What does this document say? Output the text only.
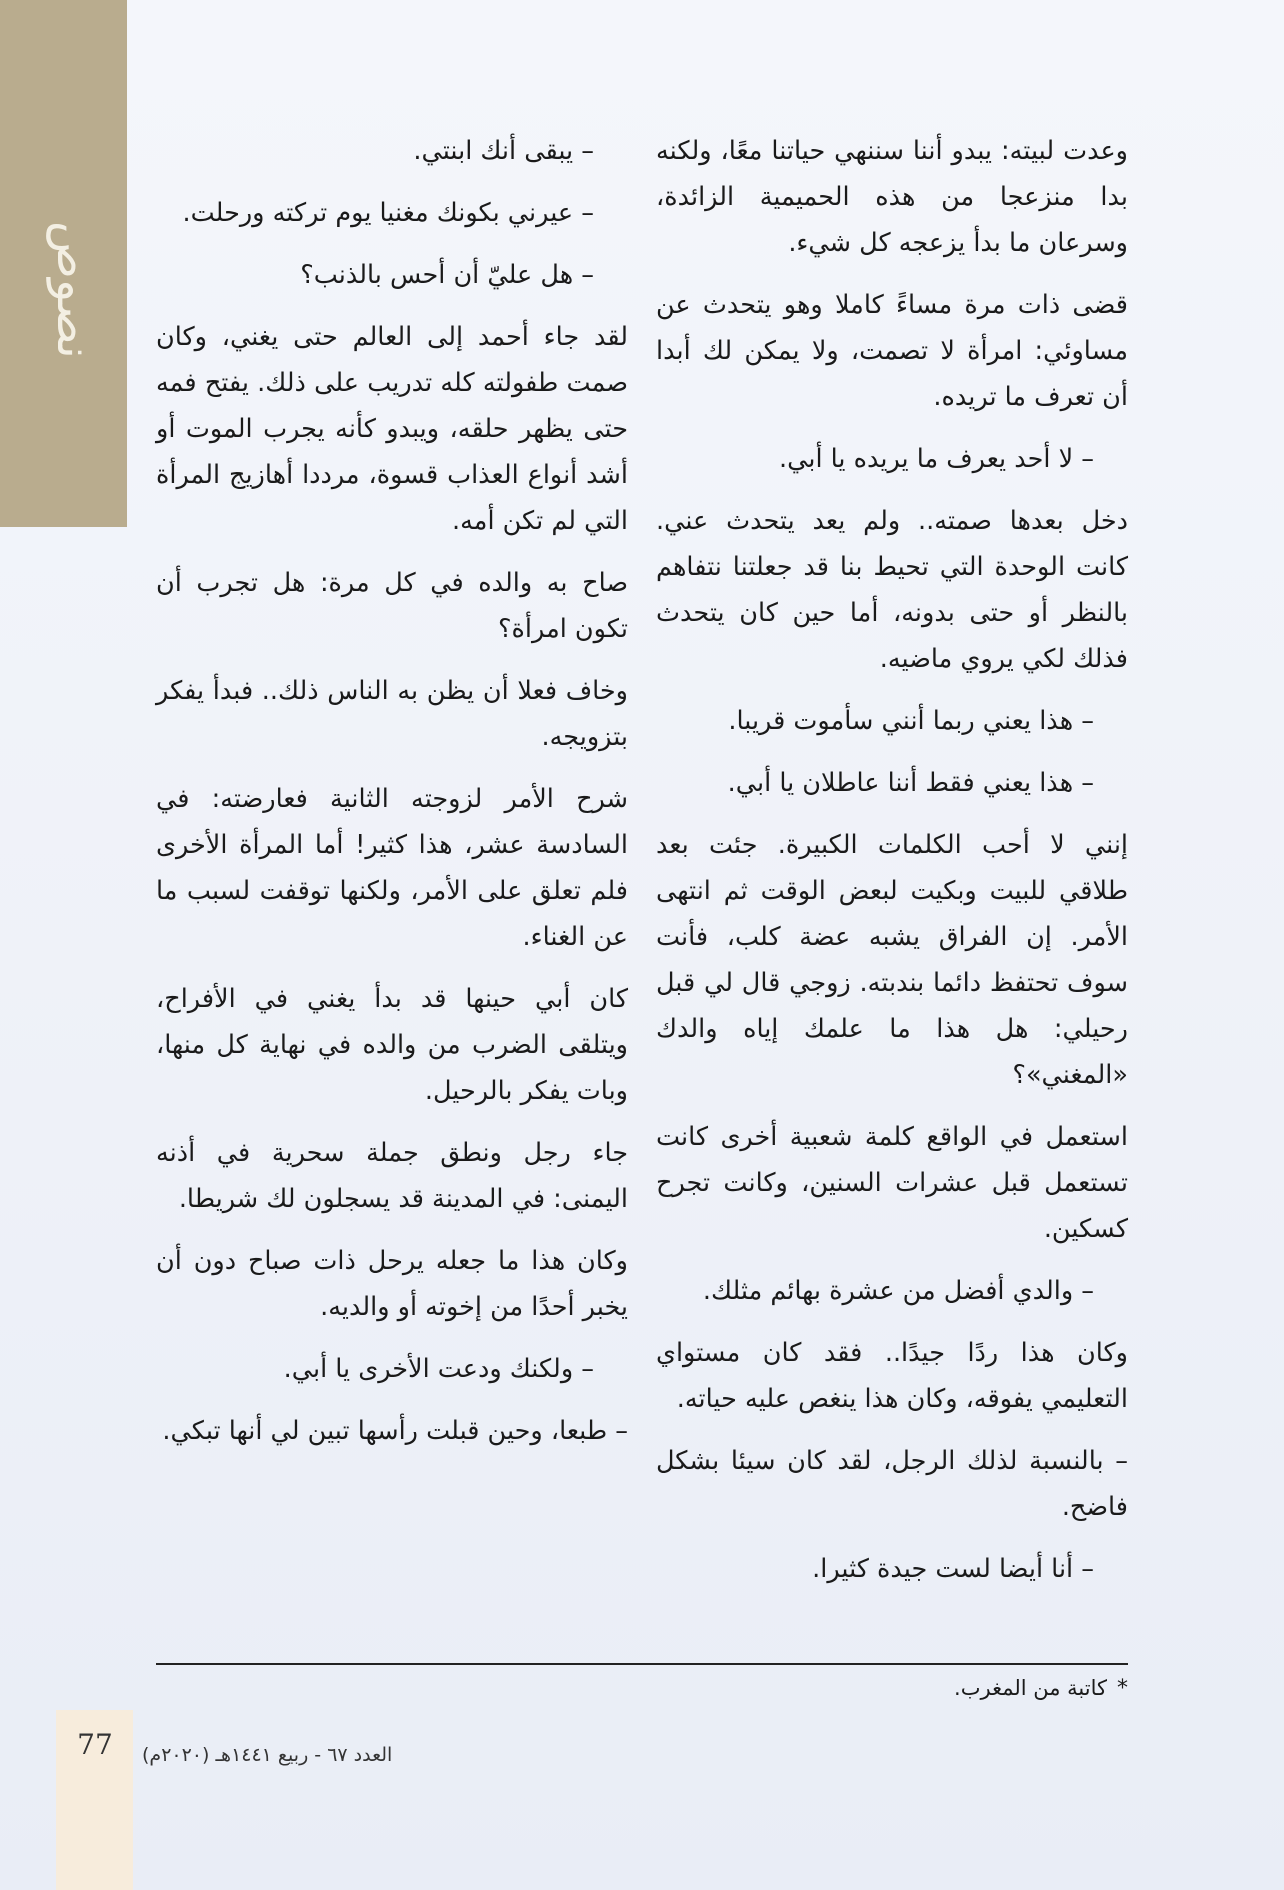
نصوص

وعدت لبيته: يبدو أننا سننهي حياتنا معًا، ولكنه بدا منزعجا من هذه الحميمية الزائدة، وسرعان ما بدأ يزعجه كل شيء.

قضى ذات مرة مساءً كاملا وهو يتحدث عن مساوئي: امرأة لا تصمت، ولا يمكن لك أبدا أن تعرف ما تريده.

– لا أحد يعرف ما يريده يا أبي.

دخل بعدها صمته.. ولم يعد يتحدث عني. كانت الوحدة التي تحيط بنا قد جعلتنا نتفاهم بالنظر أو حتى بدونه، أما حين كان يتحدث فذلك لكي يروي ماضيه.

– هذا يعني ربما أنني سأموت قريبا.

– هذا يعني فقط أننا عاطلان يا أبي.

إنني لا أحب الكلمات الكبيرة. جئت بعد طلاقي للبيت وبكيت لبعض الوقت ثم انتهى الأمر. إن الفراق يشبه عضة كلب، فأنت سوف تحتفظ دائما بندبته. زوجي قال لي قبل رحيلي: هل هذا ما علمك إياه والدك «المغني»؟

استعمل في الواقع كلمة شعبية أخرى كانت تستعمل قبل عشرات السنين، وكانت تجرح كسكين.

– والدي أفضل من عشرة بهائم مثلك.

وكان هذا ردًا جيدًا.. فقد كان مستواي التعليمي يفوقه، وكان هذا ينغص عليه حياته.

– بالنسبة لذلك الرجل، لقد كان سيئا بشكل فاضح.

– أنا أيضا لست جيدة كثيرا.

– يبقى أنك ابنتي.

– عيرني بكونك مغنيا يوم تركته ورحلت.

– هل عليّ أن أحس بالذنب؟

لقد جاء أحمد إلى العالم حتى يغني، وكان صمت طفولته كله تدريب على ذلك. يفتح فمه حتى يظهر حلقه، ويبدو كأنه يجرب الموت أو أشد أنواع العذاب قسوة، مرددا أهازيج المرأة التي لم تكن أمه.

صاح به والده في كل مرة: هل تجرب أن تكون امرأة؟

وخاف فعلا أن يظن به الناس ذلك.. فبدأ يفكر بتزويجه.

شرح الأمر لزوجته الثانية فعارضته: في السادسة عشر، هذا كثير! أما المرأة الأخرى فلم تعلق على الأمر، ولكنها توقفت لسبب ما عن الغناء.

كان أبي حينها قد بدأ يغني في الأفراح، ويتلقى الضرب من والده في نهاية كل منها، وبات يفكر بالرحيل.

جاء رجل ونطق جملة سحرية في أذنه اليمنى: في المدينة قد يسجلون لك شريطا.

وكان هذا ما جعله يرحل ذات صباح دون أن يخبر أحدًا من إخوته أو والديه.

– ولكنك ودعت الأخرى يا أبي.

– طبعا، وحين قبلت رأسها تبين لي أنها تبكي.

*كاتبة من المغرب.
77	العدد ٦٧ - ربيع ١٤٤١هـ (٢٠٢٠م)
